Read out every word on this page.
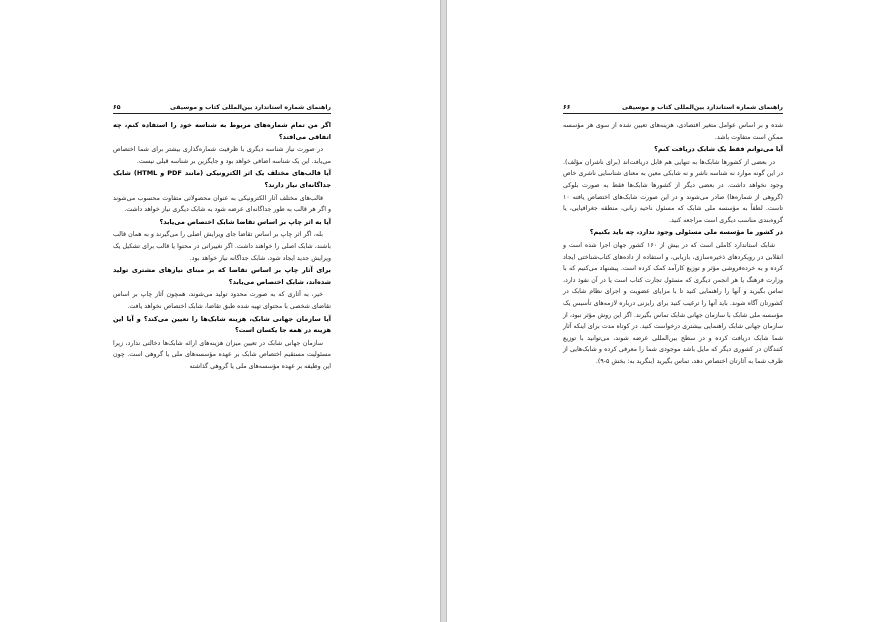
راهنمای شماره استاندارد بین‌المللی کتاب و موسیقی
۶۵

اگر من تمام شماره‌های مربوط به شناسه خود را استفاده کنم، چه اتفاقی می‌افتد؟

در صورت نیاز شناسه دیگری با ظرفیت شماره‌گذاری بیشتر برای شما اختصاص می‌یابد. این یک شناسه اضافی خواهد بود و جایگزین بر شناسه قبلی نیست.

آیا قالب‌های مختلف یک اثر الکترونیکی (مانند PDF و HTML) شابک جداگانه‌ای نیاز دارند؟

قالب‌های مختلف آثار الکترونیکی به عنوان محصولاتی متفاوت محسوب می‌شوند و اگر هر قالب به طور جداگانه‌ای عرضه شود به شابک دیگری نیاز خواهد داشت.

آیا به اثر چاپ بر اساس تقاضا شابک اختصاص می‌یابد؟

بله، اگر اثر چاپ بر اساس تقاضا جای ویرایش اصلی را می‌گیرند و به همان قالب باشند، شابک اصلی را خواهند داشت. اگر تغییراتی در محتوا یا قالب برای تشکیل یک ویرایش جدید ایجاد شود، شابک جداگانه نیاز خواهد بود.

برای آثار چاپ بر اساس تقاضا که بر مبنای نیازهای مشتری تولید شده‌اند، شابک اختصاص می‌یابد؟

خیر، به آثاری که به صورت محدود تولید می‌شوند، همچون آثار چاپ بر اساس تقاضای شخصی با محتوای تهیه شده طبق تقاضا، شابک اختصاص نخواهد یافت.

آیا سازمان جهانی شابک، هزینه شابک‌ها را تعیین می‌کند؟ و آیا این هزینه در همه جا یکسان است؟

سازمان جهانی شابک در تعیین میزان هزینه‌های ارائه شابک‌ها دخالتی ندارد، زیرا مسئولیت مستقیم اختصاص شابک بر عهده مؤسسه‌های ملی یا گروهی است. چون این وظیفه بر عهده مؤسسه‌های ملی یا گروهی گذاشته

راهنمای شماره استاندارد بین‌المللی کتاب و موسیقی
۶۶

شده و بر اساس عوامل متغیر اقتصادی، هزینه‌های تعیین شده از سوی هر مؤسسه ممکن است متفاوت باشد.

آیا می‌توانم فقط یک شابک دریافت کنم؟

در بعضی از کشورها شابک‌ها به تنهایی هم قابل دریافت‌اند (برای ناشران مؤلف). در این گونه موارد نه شناسه ناشر و نه شابکی معین به معنای شناسایی ناشری خاص وجود نخواهد داشت. در بعضی دیگر از کشورها شابک‌ها فقط به صورت بلوکی (گروهی از شماره‌ها) صادر می‌شوند و در این صورت شابک‌های اختصاص یافته ۱۰ تاست. لطفاً به مؤسسه ملی شابک که مسئول ناحیه زبانی، منطقه جغرافیایی، یا گروه‌بندی مناسب دیگری است مراجعه کنید.

در کشور ما مؤسسه ملی مسئولی وجود ندارد، چه باید بکنیم؟

شابک استاندارد کاملی است که در بیش از ۱۶۰ کشور جهان اجرا شده است و انقلابی در رویکردهای ذخیره‌سازی، بازیابی، و استفاده از داده‌های کتاب‌شناختی ایجاد کرده و به خرده‌فروشی مؤثر و توزیع کارآمد کمک کرده است. پیشنهاد می‌کنیم که با وزارت فرهنگ یا هر انجمن دیگری که مسئول تجارت کتاب است یا در آن نفوذ دارد، تماس بگیرید و آنها را راهنمایی کنید تا با مزایای عضویت و اجرای نظام شابک در کشورتان آگاه شوند. باید آنها را ترغیب کنید برای رایزنی درباره لازمه‌های تأسیس یک مؤسسه ملی شابک با سازمان جهانی شابک تماس بگیرند. اگر این روش مؤثر نبود، از سازمان جهانی شابک راهنمایی بیشتری درخواست کنید. در کوتاه مدت برای اینکه آثار شما شابک دریافت کرده و در سطح بین‌المللی عرضه شوند، می‌توانید با توزیع کنندگان در کشوری دیگر که مایل باشد موجودی شما را معرفی کرده و شابک‌هایی از طرف شما به آثارتان اختصاص دهد، تماس بگیرید (بنگرید به: بخش ۵-۹).
